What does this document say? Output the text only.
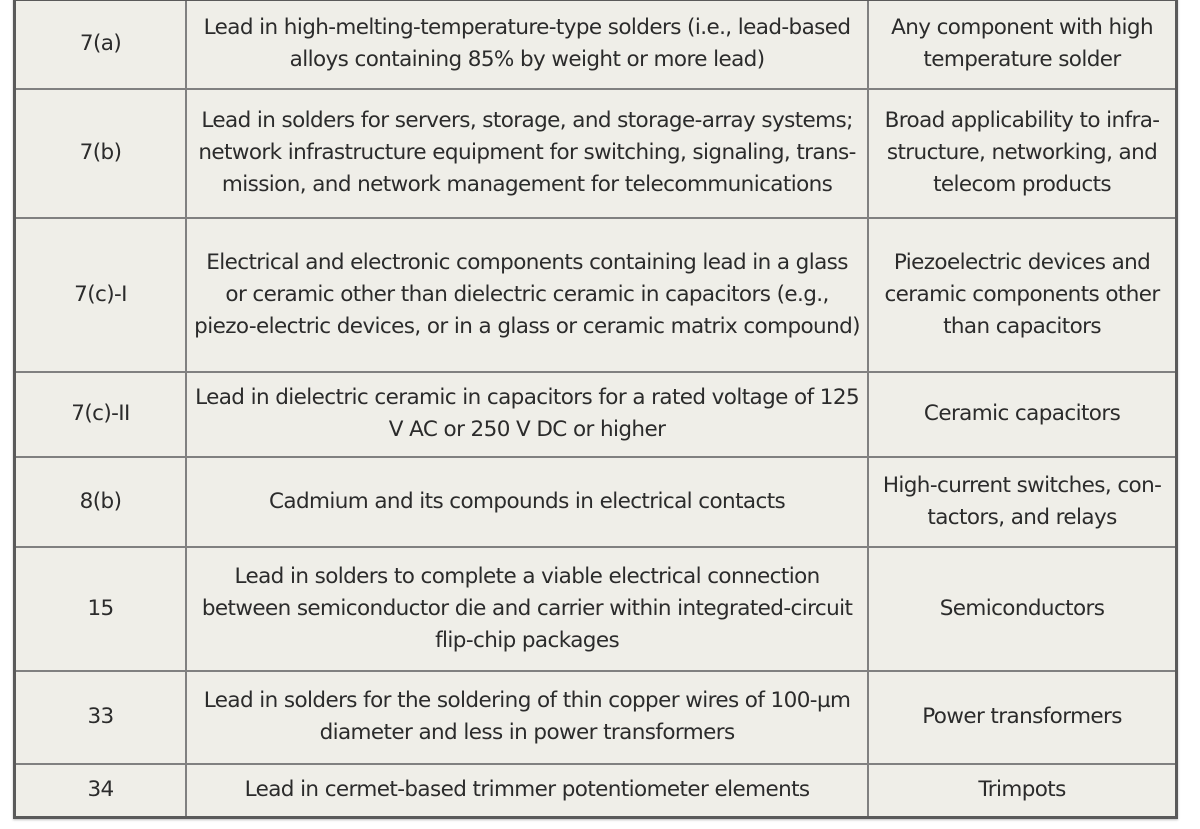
7(a)	Lead in high-melting-temperature-type solders (i.e., lead-based alloys containing 85% by weight or more lead)	Any component with high temperature solder
7(b)	Lead in solders for servers, storage, and storage-array systems; network infrastructure equipment for switching, signaling, trans-mission, and network management for telecommunications	Broad applicability to infra-structure, networking, and telecom products
7(c)-I	Electrical and electronic components containing lead in a glass or ceramic other than dielectric ceramic in capacitors (e.g., piezo-electric devices, or in a glass or ceramic matrix compound)	Piezoelectric devices and ceramic components other than capacitors
7(c)-II	Lead in dielectric ceramic in capacitors for a rated voltage of 125 V AC or 250 V DC or higher	Ceramic capacitors
8(b)	Cadmium and its compounds in electrical contacts	High-current switches, con-tactors, and relays
15	Lead in solders to complete a viable electrical connection between semiconductor die and carrier within integrated-circuit flip-chip packages	Semiconductors
33	Lead in solders for the soldering of thin copper wires of 100-µm diameter and less in power transformers	Power transformers
34	Lead in cermet-based trimmer potentiometer elements	Trimpots
